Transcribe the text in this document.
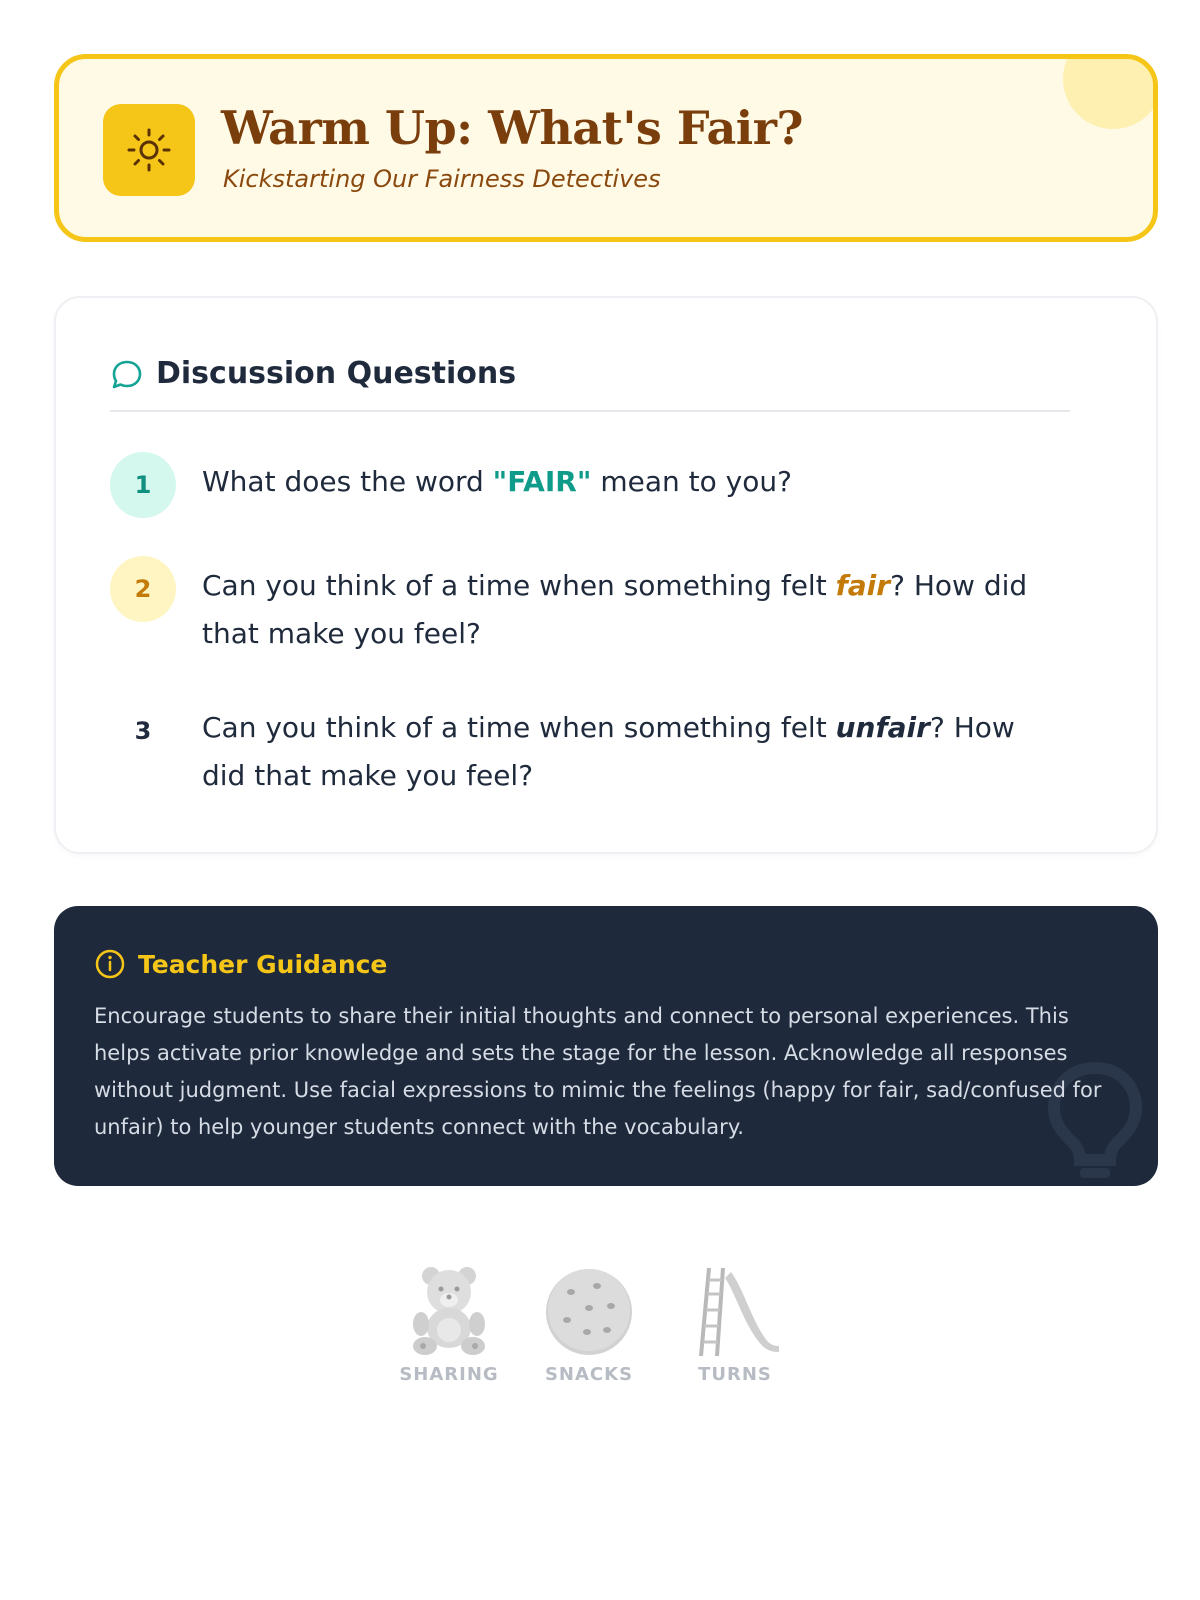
Warm Up: What's Fair?
Kickstarting Our Fairness Detectives
Discussion Questions
1	What does the word "FAIR" mean to you?
2	Can you think of a time when something felt fair? How did that make you feel?
3	Can you think of a time when something felt unfair? How did that make you feel?
Teacher Guidance
Encourage students to share their initial thoughts and connect to personal experiences. This helps activate prior knowledge and sets the stage for the lesson. Acknowledge all responses without judgment. Use facial expressions to mimic the feelings (happy for fair, sad/confused for unfair) to help younger students connect with the vocabulary.
SHARING	SNACKS	TURNS
